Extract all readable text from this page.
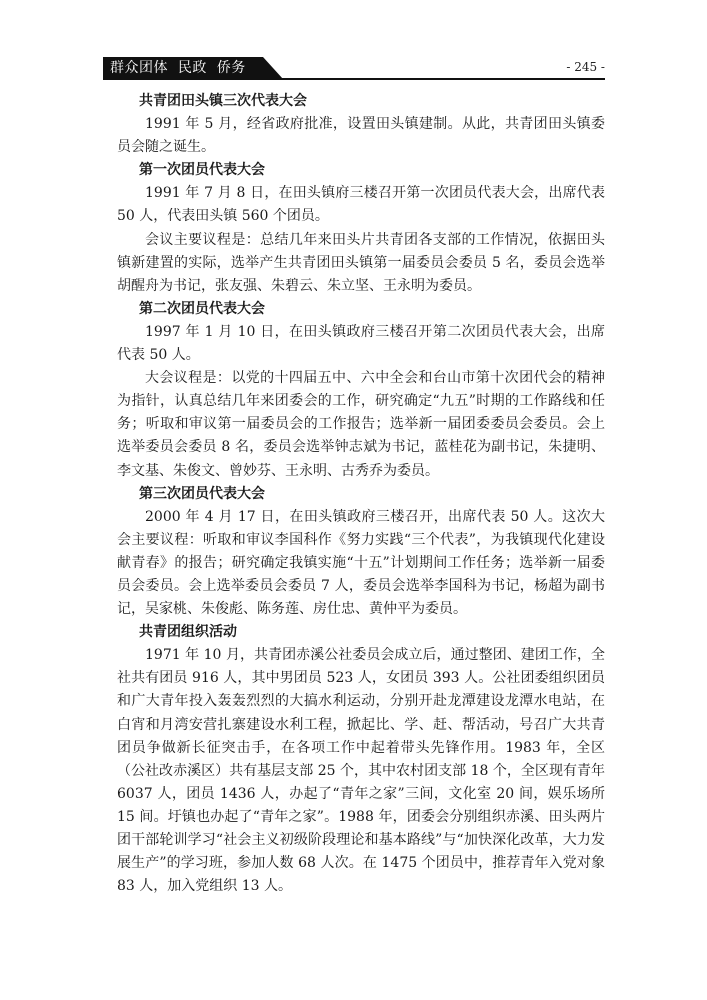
群众团体  民政  侨务	- 245 -
共青团田头镇三次代表大会

1991 年 5 月，经省政府批准，设置田头镇建制。从此，共青团田头镇委员会随之诞生。

第一次团员代表大会

1991 年 7 月 8 日，在田头镇府三楼召开第一次团员代表大会，出席代表 50 人，代表田头镇 560 个团员。

会议主要议程是：总结几年来田头片共青团各支部的工作情况，依据田头镇新建置的实际，选举产生共青团田头镇第一届委员会委员 5 名，委员会选举胡醒舟为书记，张友强、朱碧云、朱立坚、王永明为委员。

第二次团员代表大会

1997 年 1 月 10 日，在田头镇政府三楼召开第二次团员代表大会，出席代表 50 人。

大会议程是：以党的十四届五中、六中全会和台山市第十次团代会的精神为指针，认真总结几年来团委会的工作，研究确定“九五”时期的工作路线和任务；听取和审议第一届委员会的工作报告；选举新一届团委委员会委员。会上选举委员会委员 8 名，委员会选举钟志斌为书记，蓝桂花为副书记，朱捷明、李文基、朱俊文、曾妙芬、王永明、古秀乔为委员。

第三次团员代表大会

2000 年 4 月 17 日，在田头镇政府三楼召开，出席代表 50 人。这次大会主要议程：听取和审议李国科作《努力实践“三个代表”，为我镇现代化建设献青春》的报告；研究确定我镇实施“十五”计划期间工作任务；选举新一届委员会委员。会上选举委员会委员 7 人，委员会选举李国科为书记，杨超为副书记，吴家桃、朱俊彪、陈务莲、房仕忠、黄仲平为委员。

共青团组织活动

1971 年 10 月，共青团赤溪公社委员会成立后，通过整团、建团工作，全社共有团员 916 人，其中男团员 523 人，女团员 393 人。公社团委组织团员和广大青年投入轰轰烈烈的大搞水利运动，分别开赴龙潭建设龙潭水电站，在白宵和月湾安营扎寨建设水利工程，掀起比、学、赶、帮活动，号召广大共青团员争做新长征突击手，在各项工作中起着带头先锋作用。1983 年，全区（公社改赤溪区）共有基层支部 25 个，其中农村团支部 18 个，全区现有青年 6037 人，团员 1436 人，办起了“青年之家”三间，文化室 20 间，娱乐场所 15 间。圩镇也办起了“青年之家”。1988 年，团委会分别组织赤溪、田头两片团干部轮训学习“社会主义初级阶段理论和基本路线”与“加快深化改革，大力发展生产”的学习班，参加人数 68 人次。在 1475 个团员中，推荐青年入党对象 83 人，加入党组织 13 人。
